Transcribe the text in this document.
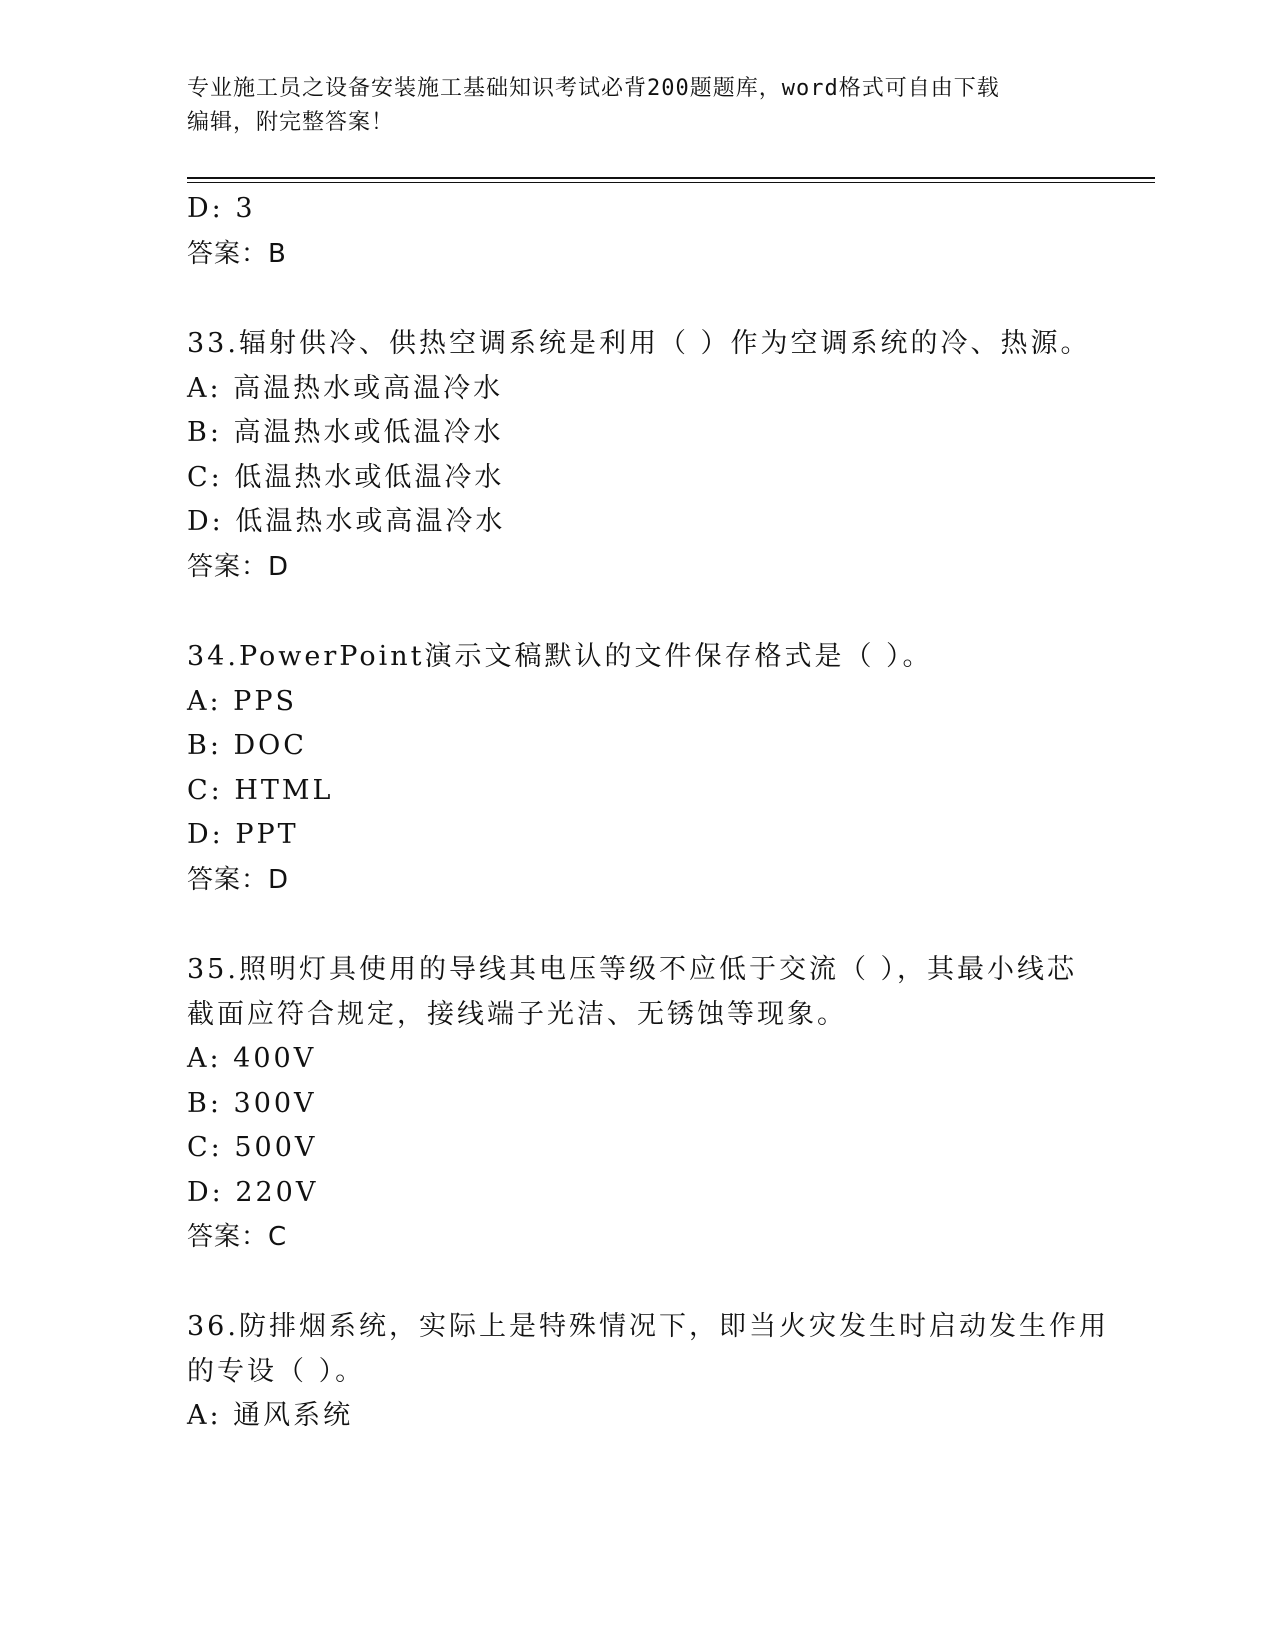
专业施工员之设备安装施工基础知识考试必背200题题库，word格式可自由下载
编辑，附完整答案！
D: 3
答案：B
33.辐射供冷、供热空调系统是利用（ ）作为空调系统的冷、热源。
A: 高温热水或高温冷水
B: 高温热水或低温冷水
C: 低温热水或低温冷水
D: 低温热水或高温冷水
答案：D
34.PowerPoint演示文稿默认的文件保存格式是（ ）。
A: PPS
B: DOC
C: HTML
D: PPT
答案：D
35.照明灯具使用的导线其电压等级不应低于交流（ ），其最小线芯
截面应符合规定，接线端子光洁、无锈蚀等现象。
A: 400V
B: 300V
C: 500V
D: 220V
答案：C
36.防排烟系统，实际上是特殊情况下，即当火灾发生时启动发生作用
的专设（ ）。
A: 通风系统
